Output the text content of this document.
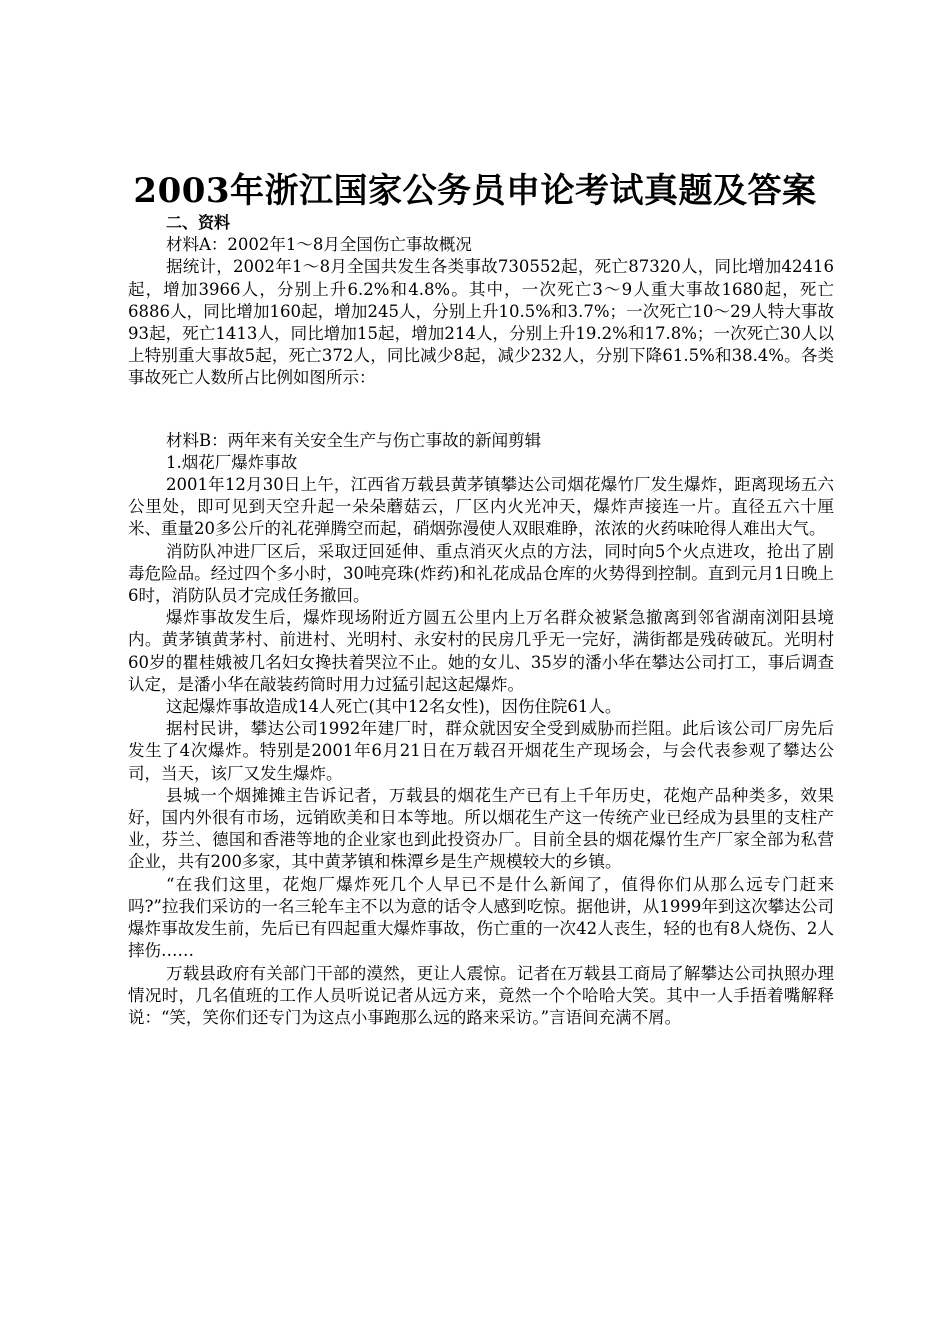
2003年浙江国家公务员申论考试真题及答案
二、资料

材料A：2002年1～8月全国伤亡事故概况

据统计，2002年1～8月全国共发生各类事故730552起，死亡87320人，同比增加42416起，增加3966人，分别上升6.2%和4.8%。其中，一次死亡3～9人重大事故1680起，死亡6886人，同比增加160起，增加245人，分别上升10.5%和3.7%；一次死亡10～29人特大事故93起，死亡1413人，同比增加15起，增加214人，分别上升19.2%和17.8%；一次死亡30人以上特别重大事故5起，死亡372人，同比减少8起，减少232人，分别下降61.5%和38.4%。各类事故死亡人数所占比例如图所示：

材料B：两年来有关安全生产与伤亡事故的新闻剪辑

1.烟花厂爆炸事故

2001年12月30日上午，江西省万载县黄茅镇攀达公司烟花爆竹厂发生爆炸，距离现场五六公里处，即可见到天空升起一朵朵蘑菇云，厂区内火光冲天，爆炸声接连一片。直径五六十厘米、重量20多公斤的礼花弹腾空而起，硝烟弥漫使人双眼难睁，浓浓的火药味呛得人难出大气。

消防队冲进厂区后，采取迂回延伸、重点消灭火点的方法，同时向5个火点进攻，抢出了剧毒危险品。经过四个多小时，30吨亮珠(炸药)和礼花成品仓库的火势得到控制。直到元月1日晚上6时，消防队员才完成任务撤回。

爆炸事故发生后，爆炸现场附近方圆五公里内上万名群众被紧急撤离到邻省湖南浏阳县境内。黄茅镇黄茅村、前进村、光明村、永安村的民房几乎无一完好，满街都是残砖破瓦。光明村60岁的瞿桂娥被几名妇女搀扶着哭泣不止。她的女儿、35岁的潘小华在攀达公司打工，事后调查认定，是潘小华在敲装药筒时用力过猛引起这起爆炸。

这起爆炸事故造成14人死亡(其中12名女性)，因伤住院61人。

据村民讲，攀达公司1992年建厂时，群众就因安全受到威胁而拦阻。此后该公司厂房先后发生了4次爆炸。特别是2001年6月21日在万载召开烟花生产现场会，与会代表参观了攀达公司，当天，该厂又发生爆炸。

县城一个烟摊摊主告诉记者，万载县的烟花生产已有上千年历史，花炮产品种类多，效果好，国内外很有市场，远销欧美和日本等地。所以烟花生产这一传统产业已经成为县里的支柱产业，芬兰、德国和香港等地的企业家也到此投资办厂。目前全县的烟花爆竹生产厂家全部为私营企业，共有200多家，其中黄茅镇和株潭乡是生产规模较大的乡镇。

“在我们这里，花炮厂爆炸死几个人早已不是什么新闻了，值得你们从那么远专门赶来吗?”拉我们采访的一名三轮车主不以为意的话令人感到吃惊。据他讲，从1999年到这次攀达公司爆炸事故发生前，先后已有四起重大爆炸事故，伤亡重的一次42人丧生，轻的也有8人烧伤、2人摔伤……

万载县政府有关部门干部的漠然，更让人震惊。记者在万载县工商局了解攀达公司执照办理情况时，几名值班的工作人员听说记者从远方来，竟然一个个哈哈大笑。其中一人手捂着嘴解释说：“笑，笑你们还专门为这点小事跑那么远的路来采访。”言语间充满不屑。
